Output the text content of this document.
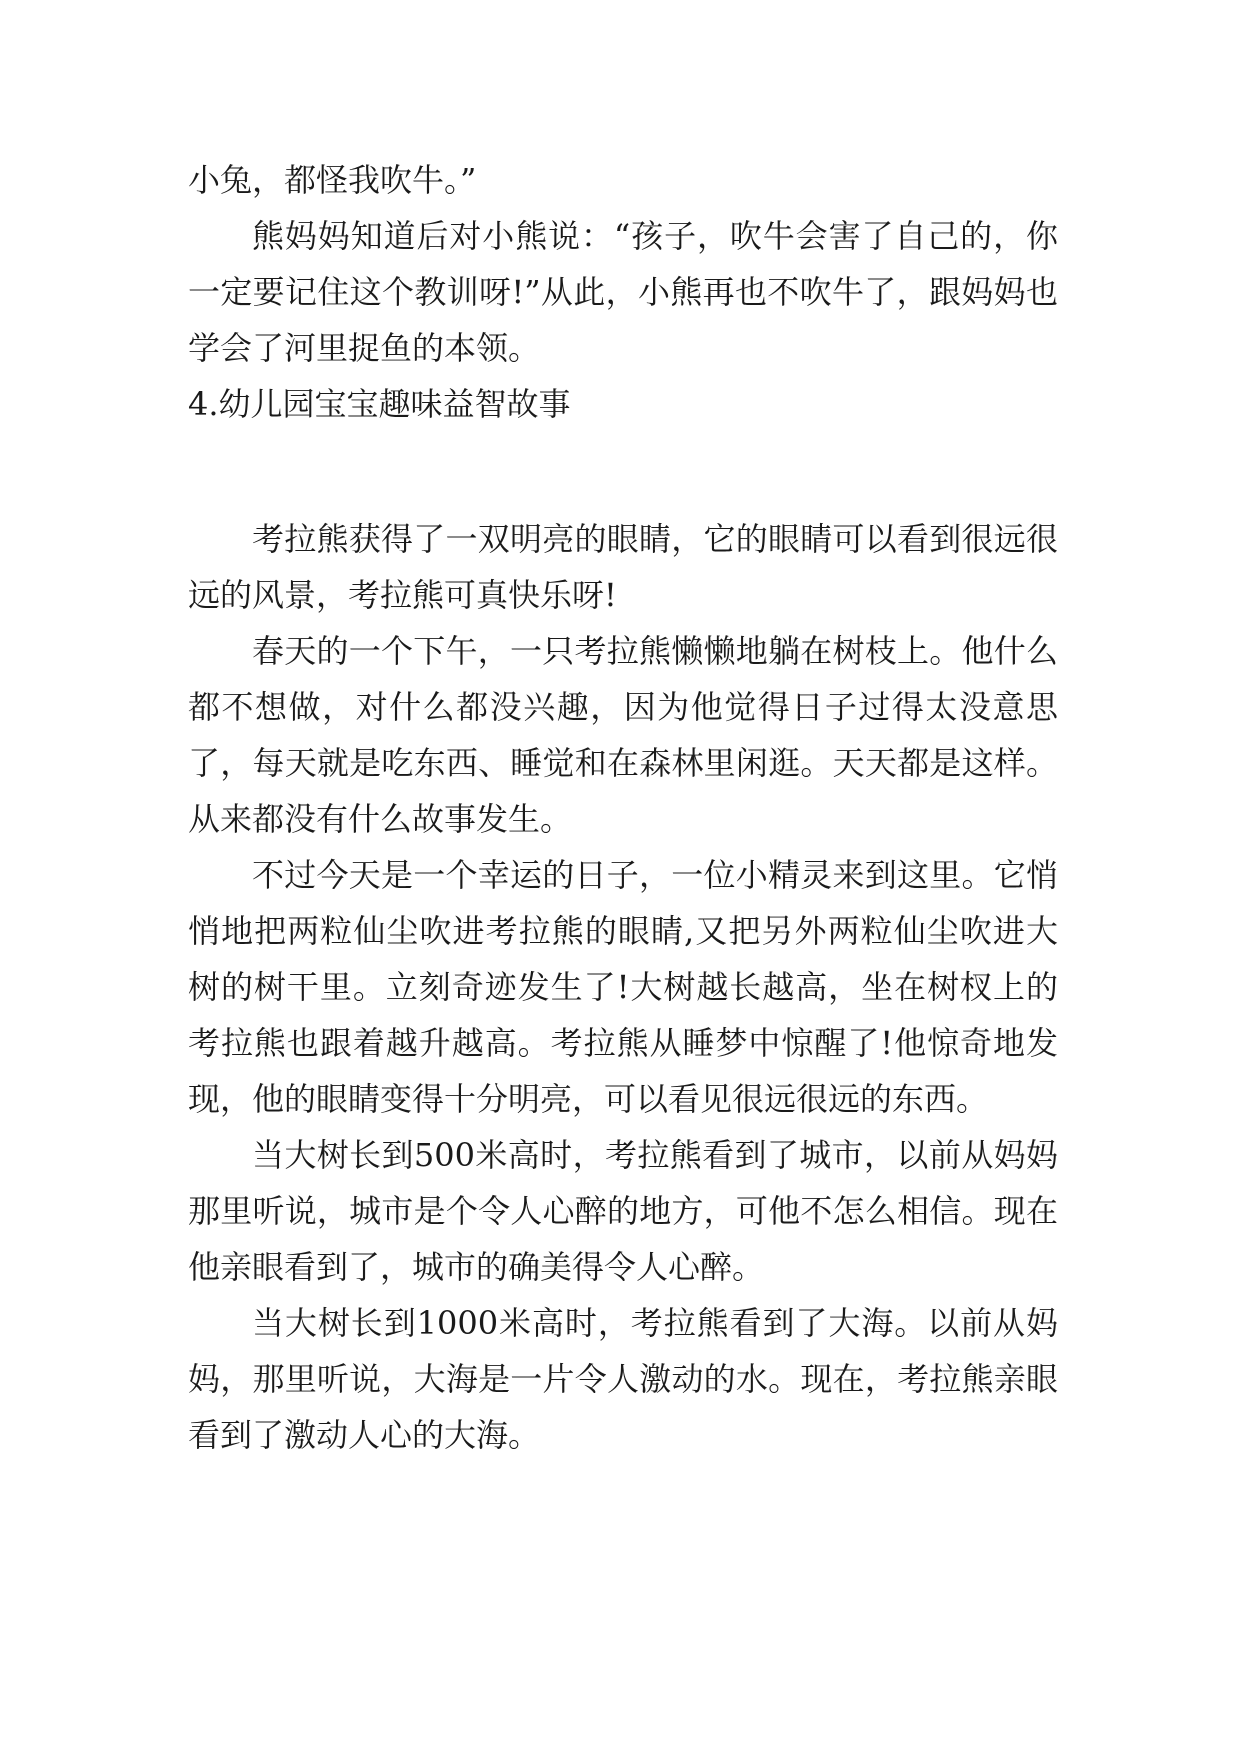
小兔，都怪我吹牛。”

熊妈妈知道后对小熊说：“孩子，吹牛会害了自己的，你一定要记住这个教训呀!”从此，小熊再也不吹牛了，跟妈妈也学会了河里捉鱼的本领。

4.幼儿园宝宝趣味益智故事

考拉熊获得了一双明亮的眼睛，它的眼睛可以看到很远很远的风景，考拉熊可真快乐呀!

春天的一个下午，一只考拉熊懒懒地躺在树枝上。他什么都不想做，对什么都没兴趣，因为他觉得日子过得太没意思了，每天就是吃东西、睡觉和在森林里闲逛。天天都是这样。从来都没有什么故事发生。

不过今天是一个幸运的日子，一位小精灵来到这里。它悄悄地把两粒仙尘吹进考拉熊的眼睛,又把另外两粒仙尘吹进大树的树干里。立刻奇迹发生了!大树越长越高，坐在树杈上的考拉熊也跟着越升越高。考拉熊从睡梦中惊醒了!他惊奇地发现，他的眼睛变得十分明亮，可以看见很远很远的东西。

当大树长到500米高时，考拉熊看到了城市，以前从妈妈那里听说，城市是个令人心醉的地方，可他不怎么相信。现在他亲眼看到了，城市的确美得令人心醉。

当大树长到1000米高时，考拉熊看到了大海。以前从妈妈，那里听说，大海是一片令人激动的水。现在，考拉熊亲眼看到了激动人心的大海。
